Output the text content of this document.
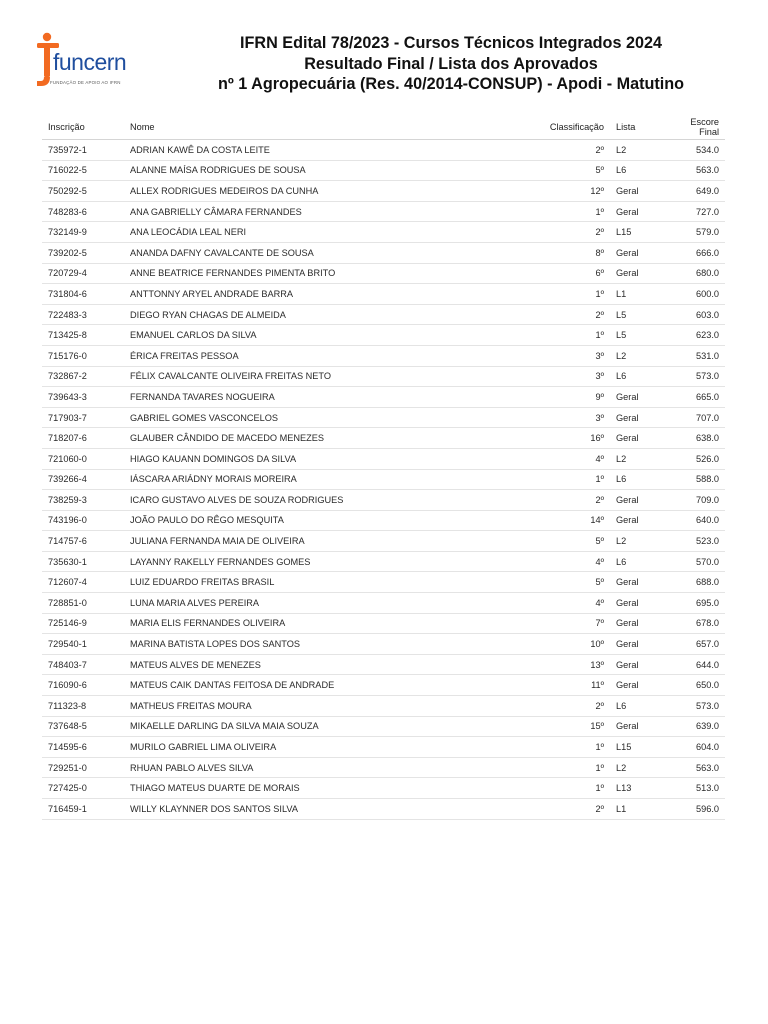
funcern
FUNDAÇÃO DE APOIO AO IFRN
IFRN Edital 78/2023 - Cursos Técnicos Integrados 2024
Resultado Final / Lista dos Aprovados
nº 1 Agropecuária (Res. 40/2014-CONSUP) - Apodi - Matutino
Inscrição	Nome	Classificação	Lista	Escore Final
735972-1	ADRIAN KAWÊ DA COSTA LEITE	2º	L2	534.0
716022-5	ALANNE MAÍSA RODRIGUES DE SOUSA	5º	L6	563.0
750292-5	ALLEX RODRIGUES MEDEIROS DA CUNHA	12º	Geral	649.0
748283-6	ANA GABRIELLY CÂMARA FERNANDES	1º	Geral	727.0
732149-9	ANA LEOCÁDIA LEAL NERI	2º	L15	579.0
739202-5	ANANDA DAFNY CAVALCANTE DE SOUSA	8º	Geral	666.0
720729-4	ANNE BEATRICE FERNANDES PIMENTA BRITO	6º	Geral	680.0
731804-6	ANTTONNY ARYEL ANDRADE BARRA	1º	L1	600.0
722483-3	DIEGO RYAN CHAGAS DE ALMEIDA	2º	L5	603.0
713425-8	EMANUEL CARLOS DA SILVA	1º	L5	623.0
715176-0	ÉRICA FREITAS PESSOA	3º	L2	531.0
732867-2	FÉLIX CAVALCANTE OLIVEIRA FREITAS NETO	3º	L6	573.0
739643-3	FERNANDA TAVARES NOGUEIRA	9º	Geral	665.0
717903-7	GABRIEL GOMES VASCONCELOS	3º	Geral	707.0
718207-6	GLAUBER CÂNDIDO DE MACEDO MENEZES	16º	Geral	638.0
721060-0	HIAGO KAUANN DOMINGOS DA SILVA	4º	L2	526.0
739266-4	IÁSCARA ARIÁDNY MORAIS MOREIRA	1º	L6	588.0
738259-3	ICARO GUSTAVO ALVES DE SOUZA RODRIGUES	2º	Geral	709.0
743196-0	JOÃO PAULO DO RÊGO MESQUITA	14º	Geral	640.0
714757-6	JULIANA FERNANDA MAIA DE OLIVEIRA	5º	L2	523.0
735630-1	LAYANNY RAKELLY FERNANDES GOMES	4º	L6	570.0
712607-4	LUIZ EDUARDO FREITAS BRASIL	5º	Geral	688.0
728851-0	LUNA MARIA ALVES PEREIRA	4º	Geral	695.0
725146-9	MARIA ELIS FERNANDES OLIVEIRA	7º	Geral	678.0
729540-1	MARINA BATISTA LOPES DOS SANTOS	10º	Geral	657.0
748403-7	MATEUS ALVES DE MENEZES	13º	Geral	644.0
716090-6	MATEUS CAIK DANTAS FEITOSA DE ANDRADE	11º	Geral	650.0
711323-8	MATHEUS FREITAS MOURA	2º	L6	573.0
737648-5	MIKAELLE DARLING DA SILVA MAIA SOUZA	15º	Geral	639.0
714595-6	MURILO GABRIEL LIMA OLIVEIRA	1º	L15	604.0
729251-0	RHUAN PABLO ALVES SILVA	1º	L2	563.0
727425-0	THIAGO MATEUS DUARTE DE MORAIS	1º	L13	513.0
716459-1	WILLY KLAYNNER DOS SANTOS SILVA	2º	L1	596.0
